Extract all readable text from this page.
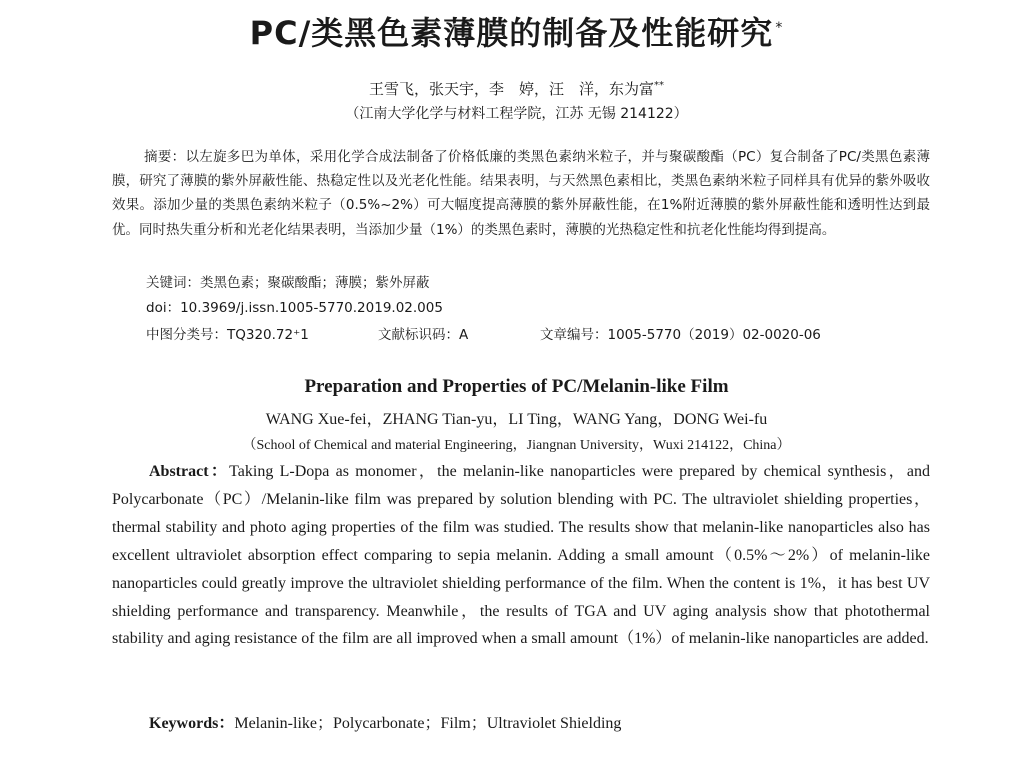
PC/类黑色素薄膜的制备及性能研究 *
王雪飞，张天宇，李　婷，汪　洋，东为富**
（江南大学化学与材料工程学院，江苏 无锡 214122）

摘要：以左旋多巴为单体，采用化学合成法制备了价格低廉的类黑色素纳米粒子，并与聚碳酸酯（PC）复合制备了PC/类黑色素薄膜，研究了薄膜的紫外屏蔽性能、热稳定性以及光老化性能。结果表明，与天然黑色素相比，类黑色素纳米粒子同样具有优异的紫外吸收效果。添加少量的类黑色素纳米粒子（0.5%~2%）可大幅度提高薄膜的紫外屏蔽性能，在1%附近薄膜的紫外屏蔽性能和透明性达到最优。同时热失重分析和光老化结果表明，当添加少量（1%）的类黑色素时，薄膜的光热稳定性和抗老化性能均得到提高。

关键词：类黑色素；聚碳酸酯；薄膜；紫外屏蔽
doi：10.3969/j.issn.1005-5770.2019.02.005
中图分类号：TQ320.72⁺1	文献标识码：A	文章编号：1005-5770（2019）02-0020-06
Preparation and Properties of PC/Melanin-like Film
WANG Xue-fei，ZHANG Tian-yu，LI Ting，WANG Yang，DONG Wei-fu
（School of Chemical and material Engineering，Jiangnan University，Wuxi 214122，China）

Abstract：Taking L-Dopa as monomer，the melanin-like nanoparticles were prepared by chemical synthesis，and Polycarbonate（PC）/Melanin-like film was prepared by solution blending with PC. The ultraviolet shielding properties，thermal stability and photo aging properties of the film was studied. The results show that melanin-like nanoparticles also has excellent ultraviolet absorption effect comparing to sepia melanin. Adding a small amount（0.5%～2%）of melanin-like nanoparticles could greatly improve the ultraviolet shielding performance of the film. When the content is 1%，it has best UV shielding performance and transparency. Meanwhile，the results of TGA and UV aging analysis show that photothermal stability and aging resistance of the film are all improved when a small amount（1%）of melanin-like nanoparticles are added.

Keywords：Melanin-like；Polycarbonate；Film；Ultraviolet Shielding
